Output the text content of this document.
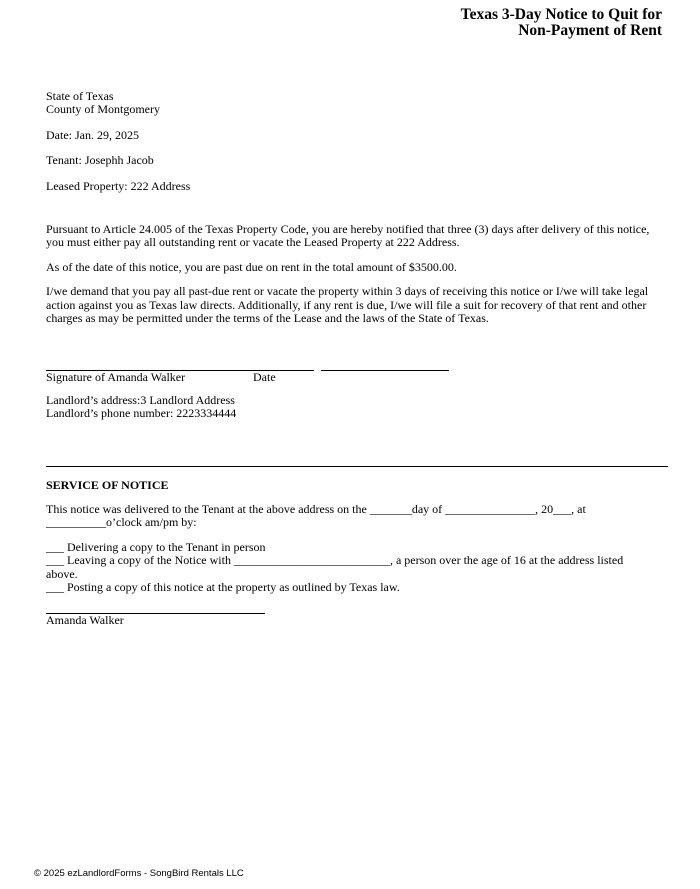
Texas 3-Day Notice to Quit for
Non-Payment of Rent
State of Texas
County of Montgomery

Date: Jan. 29, 2025

Tenant: Josephh Jacob

Leased Property: 222 Address

Pursuant to Article 24.005 of the Texas Property Code, you are hereby notified that three (3) days after delivery of this notice, you must either pay all outstanding rent or vacate the Leased Property at 222 Address.

As of the date of this notice, you are past due on rent in the total amount of $3500.00.

I/we demand that you pay all past-due rent or vacate the property within 3 days of receiving this notice or I/we will take legal action against you as Texas law directs. Additionally, if any rent is due, I/we will file a suit for recovery of that rent and other charges as may be permitted under the terms of the Lease and the laws of the State of Texas.

Signature of Amanda Walker	Date
Landlord’s address:3 Landlord Address
Landlord’s phone number: 2223334444
SERVICE OF NOTICE
This notice was delivered to the Tenant at the above address on the _______day of _______________, 20___, at
__________o’clock am/pm by:
___ Delivering a copy to the Tenant in person
___ Leaving a copy of the Notice with __________________________, a person over the age of 16 at the address listed
above.
___ Posting a copy of this notice at the property as outlined by Texas law.
Amanda Walker
© 2025 ezLandlordForms - SongBird Rentals LLC
